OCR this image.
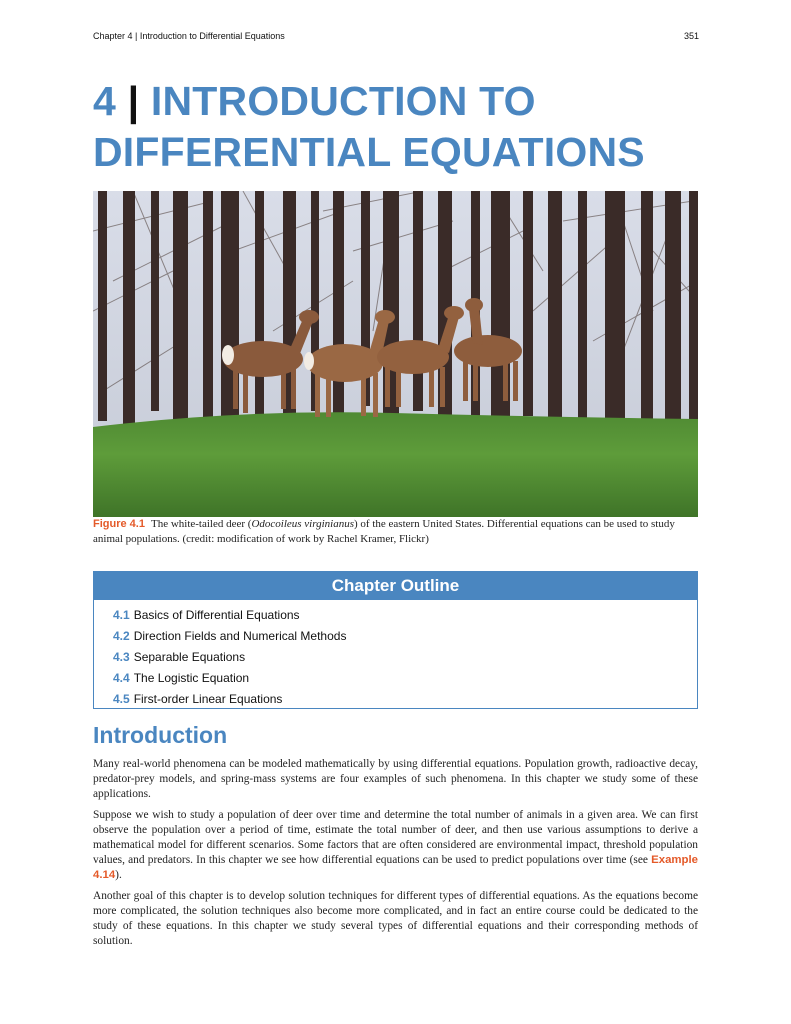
Chapter 4 | Introduction to Differential Equations	351
4 | INTRODUCTION TO
DIFFERENTIAL EQUATIONS
Figure 4.1 The white-tailed deer (Odocoileus virginianus) of the eastern United States. Differential equations can be used to study animal populations. (credit: modification of work by Rachel Kramer, Flickr)
Chapter Outline
4.1 Basics of Differential Equations
4.2 Direction Fields and Numerical Methods
4.3 Separable Equations
4.4 The Logistic Equation
4.5 First-order Linear Equations
Introduction

Many real-world phenomena can be modeled mathematically by using differential equations. Population growth, radioactive decay, predator-prey models, and spring-mass systems are four examples of such phenomena. In this chapter we study some of these applications.

Suppose we wish to study a population of deer over time and determine the total number of animals in a given area. We can first observe the population over a period of time, estimate the total number of deer, and then use various assumptions to derive a mathematical model for different scenarios. Some factors that are often considered are environmental impact, threshold population values, and predators. In this chapter we see how differential equations can be used to predict populations over time (see Example 4.14).

Another goal of this chapter is to develop solution techniques for different types of differential equations. As the equations become more complicated, the solution techniques also become more complicated, and in fact an entire course could be dedicated to the study of these equations. In this chapter we study several types of differential equations and their corresponding methods of solution.
